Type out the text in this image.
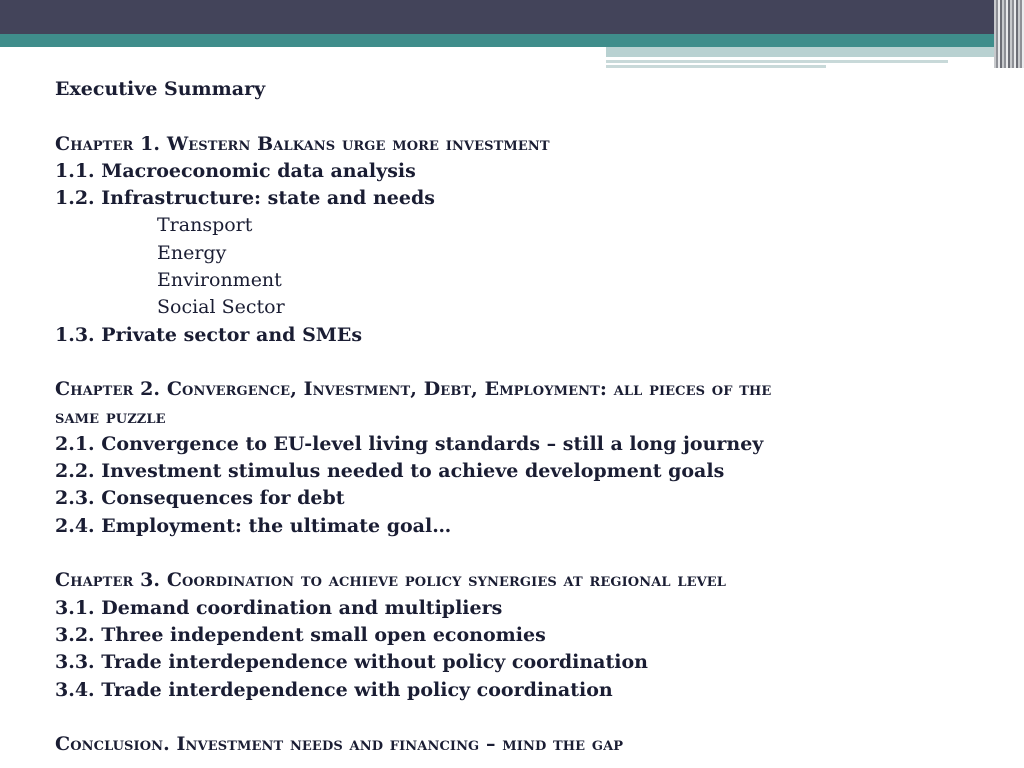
Executive Summary

Chapter 1. Western Balkans urge more investment

1.1. Macroeconomic data analysis

1.2. Infrastructure: state and needs

Transport

Energy

Environment

Social Sector

1.3. Private sector and SMEs

Chapter 2. Convergence, Investment, Debt, Employment: all pieces of the

same puzzle

2.1. Convergence to EU-level living standards – still a long journey

2.2. Investment stimulus needed to achieve development goals

2.3. Consequences for debt

2.4. Employment: the ultimate goal…

Chapter 3. Coordination to achieve policy synergies at regional level

3.1. Demand coordination and multipliers

3.2. Three independent small open economies

3.3. Trade interdependence without policy coordination

3.4. Trade interdependence with policy coordination

Conclusion. Investment needs and financing – mind the gap
